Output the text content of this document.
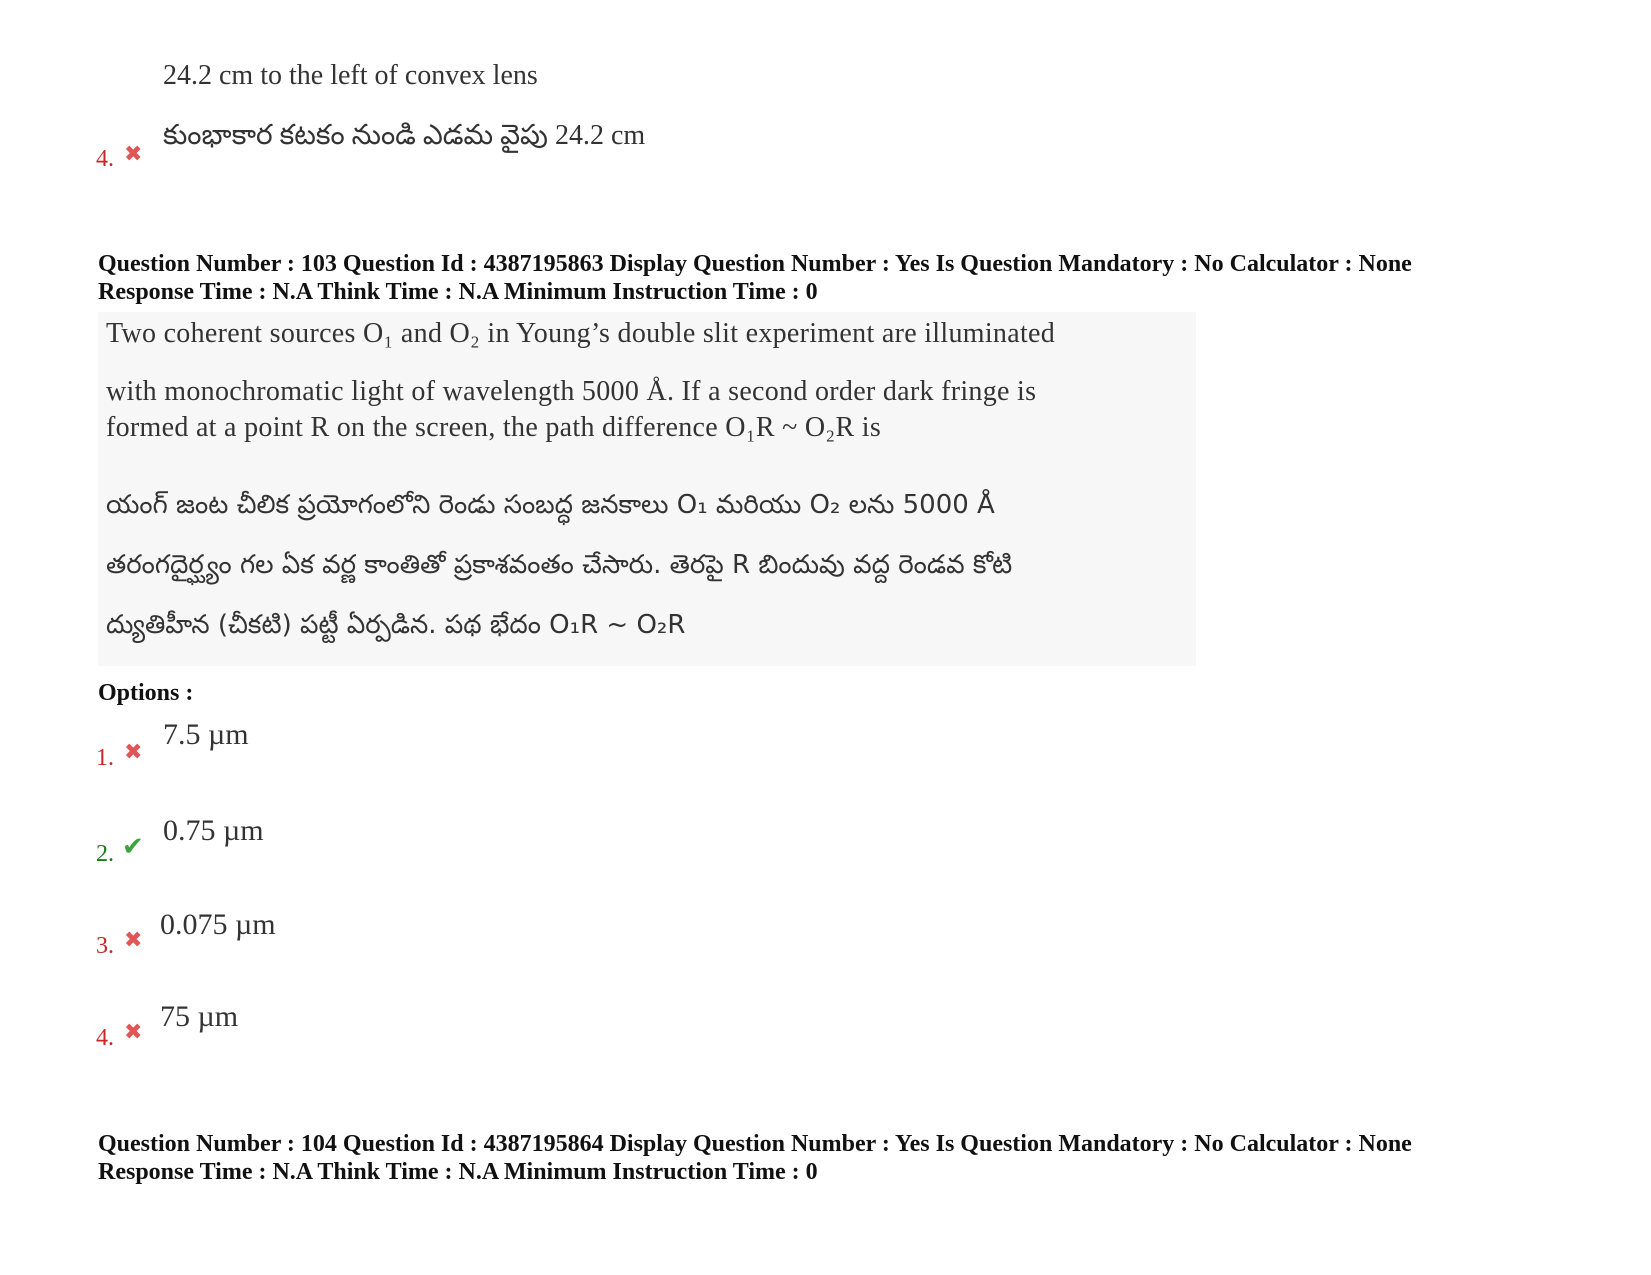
24.2 cm to the left of convex lens
4. ✖
కుంభాకార కటకం నుండి ఎడమ వైపు 24.2 cm
Question Number : 103 Question Id : 4387195863 Display Question Number : Yes Is Question Mandatory : No Calculator : None
Response Time : N.A Think Time : N.A Minimum Instruction Time : 0
Two coherent sources O₁ and O₂ in Young’s double slit experiment are illuminated
with monochromatic light of wavelength 5000 Å. If a second order dark fringe is
formed at a point R on the screen, the path difference O₁R ~ O₂R is
యంగ్ జంట చీలిక ప్రయోగంలోని రెండు సంబద్ధ జనకాలు O₁ మరియు O₂ లను 5000 Å
తరంగదైర్ఘ్యం గల ఏక వర్ణ కాంతితో ప్రకాశవంతం చేసారు. తెరపై R బిందువు వద్ద రెండవ కోటి
ద్యుతిహీన (చీకటి) పట్టీ ఏర్పడిన. పథ భేదం O₁R ~ O₂R
Options :
1. ✖
7.5 µm
2. ✔ 0.75 µm
3. ✖ 0.075 µm
4. ✖ 75 µm
Question Number : 104 Question Id : 4387195864 Display Question Number : Yes Is Question Mandatory : No Calculator : None
Response Time : N.A Think Time : N.A Minimum Instruction Time : 0
